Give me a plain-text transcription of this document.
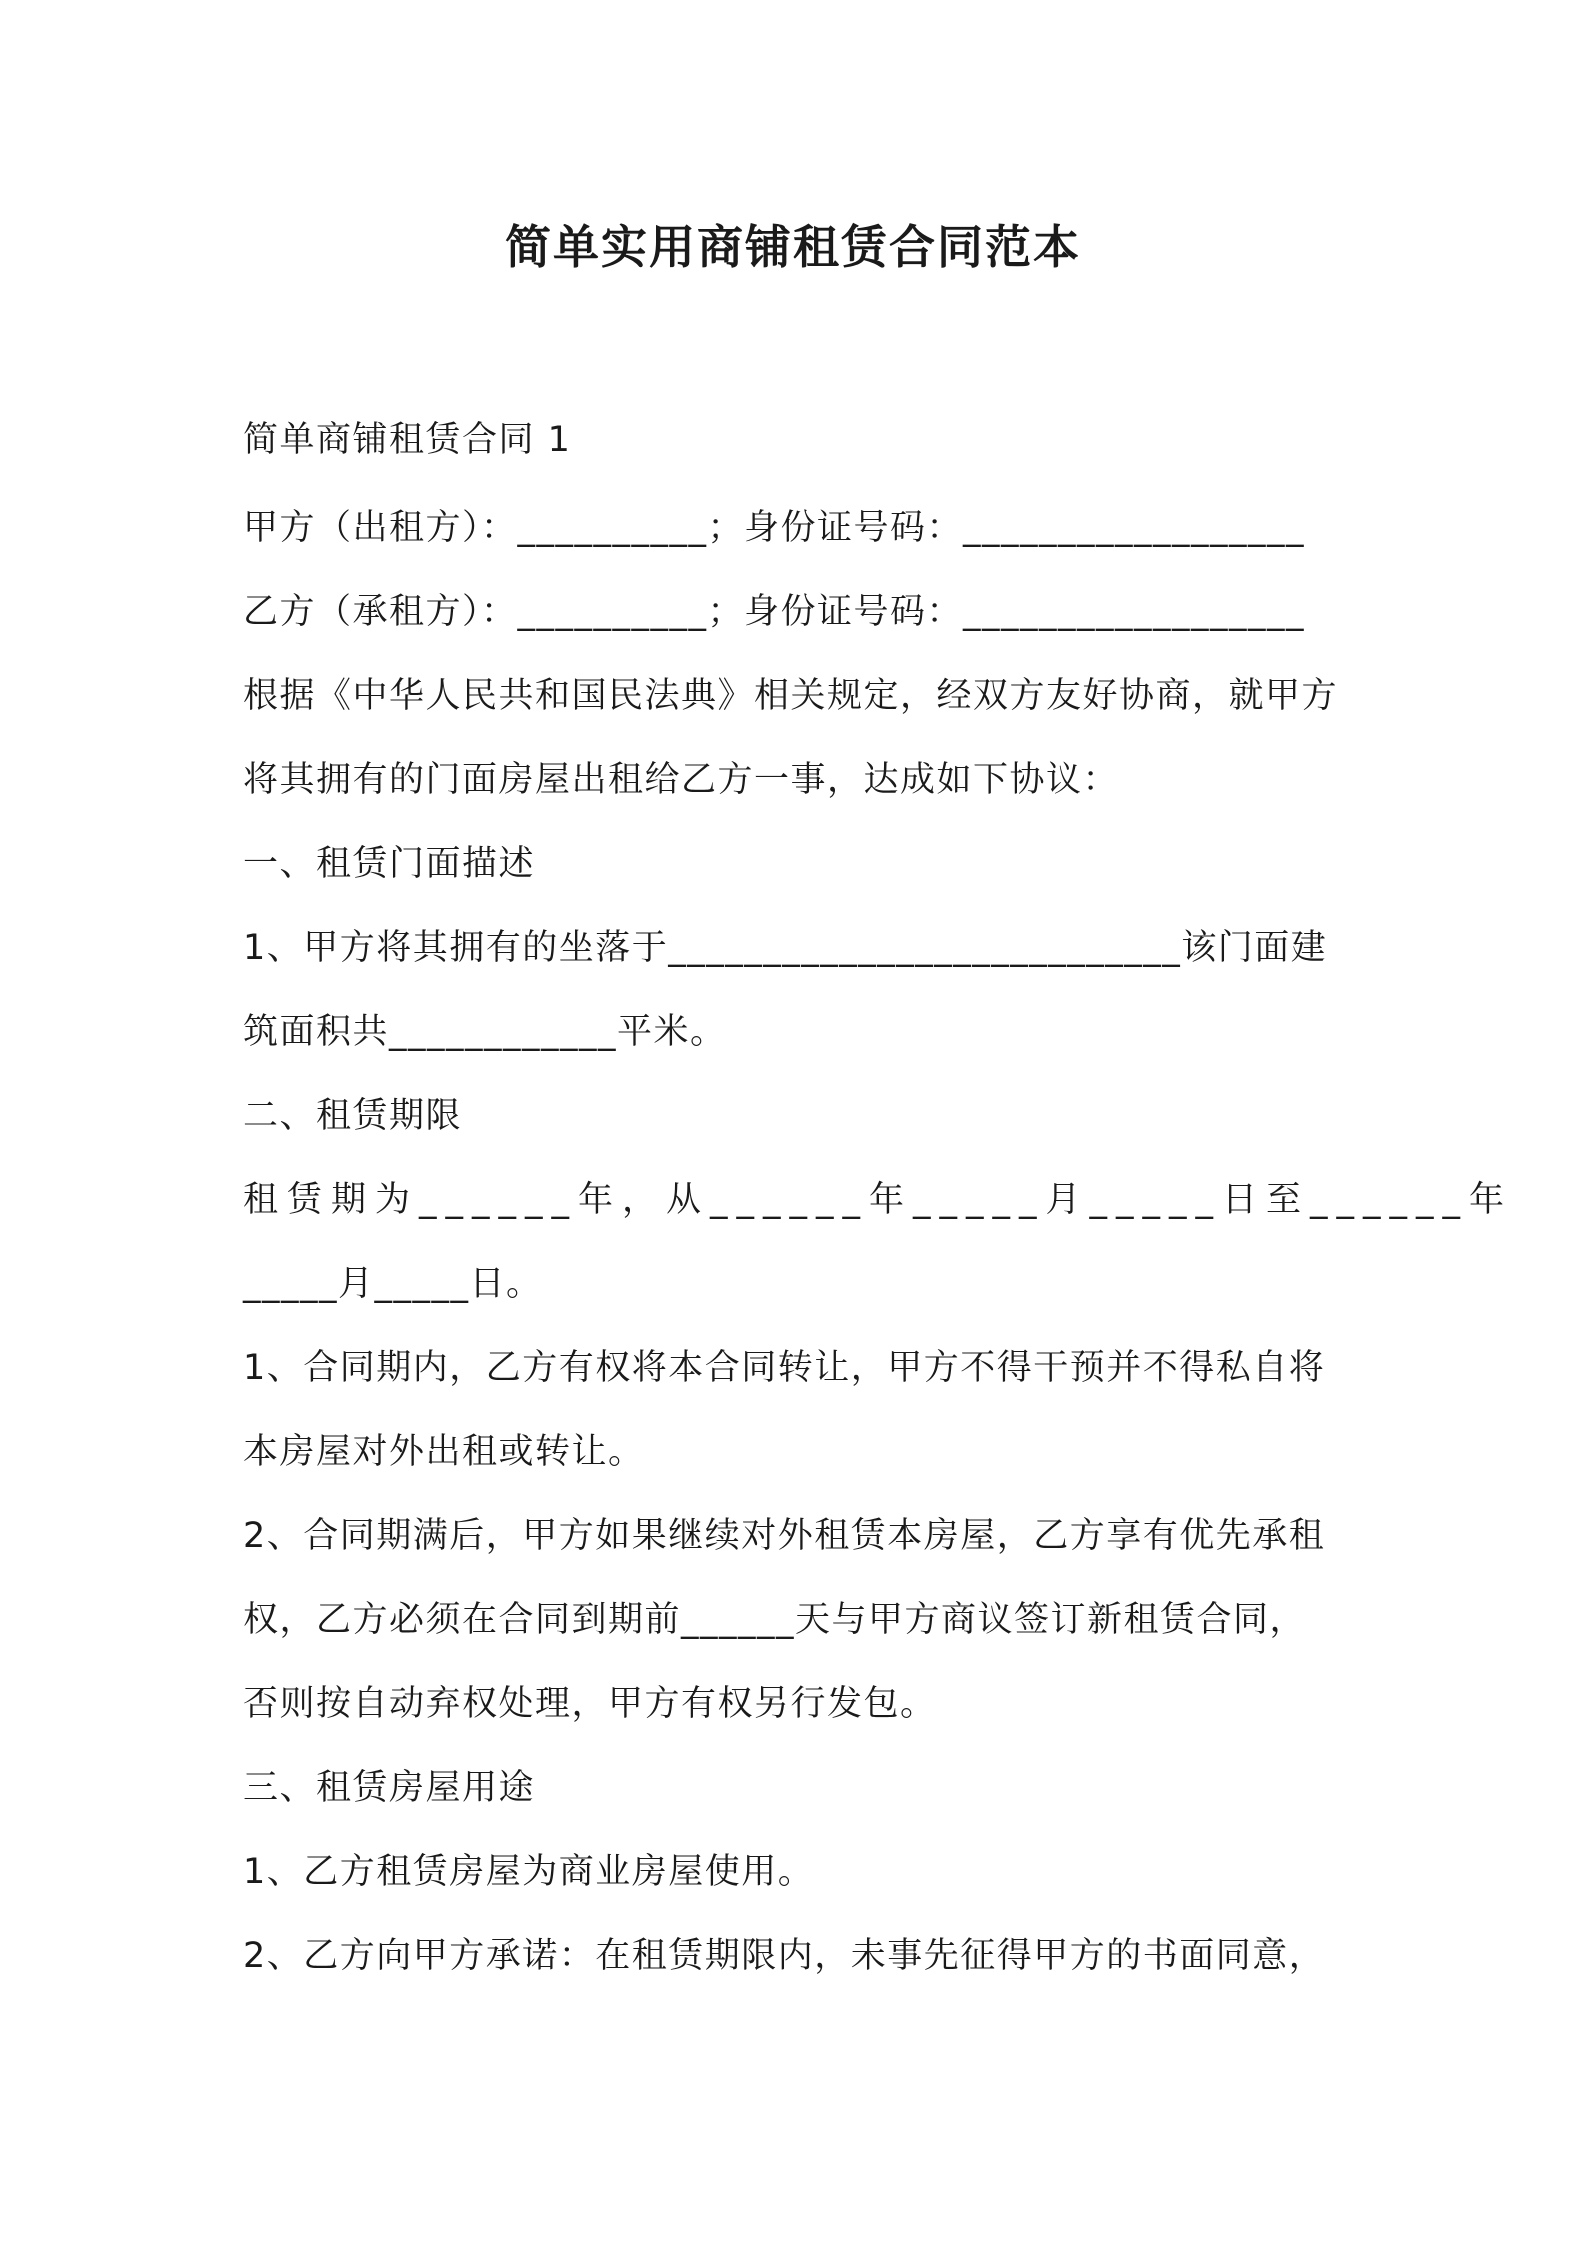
简单实用商铺租赁合同范本
简单商铺租赁合同 1
甲方（出租方）：__________；身份证号码：__________________
乙方（承租方）：__________；身份证号码：__________________
根据《中华人民共和国民法典》相关规定，经双方友好协商，就甲方
将其拥有的门面房屋出租给乙方一事，达成如下协议：
一、租赁门面描述
1、甲方将其拥有的坐落于___________________________该门面建
筑面积共____________平米。
二、租赁期限
租赁期为______年，从______年_____月_____日至______年
_____月_____日。
1、合同期内，乙方有权将本合同转让，甲方不得干预并不得私自将
本房屋对外出租或转让。
2、合同期满后，甲方如果继续对外租赁本房屋，乙方享有优先承租
权，乙方必须在合同到期前______天与甲方商议签订新租赁合同，
否则按自动弃权处理，甲方有权另行发包。
三、租赁房屋用途
1、乙方租赁房屋为商业房屋使用。
2、乙方向甲方承诺：在租赁期限内，未事先征得甲方的书面同意，
